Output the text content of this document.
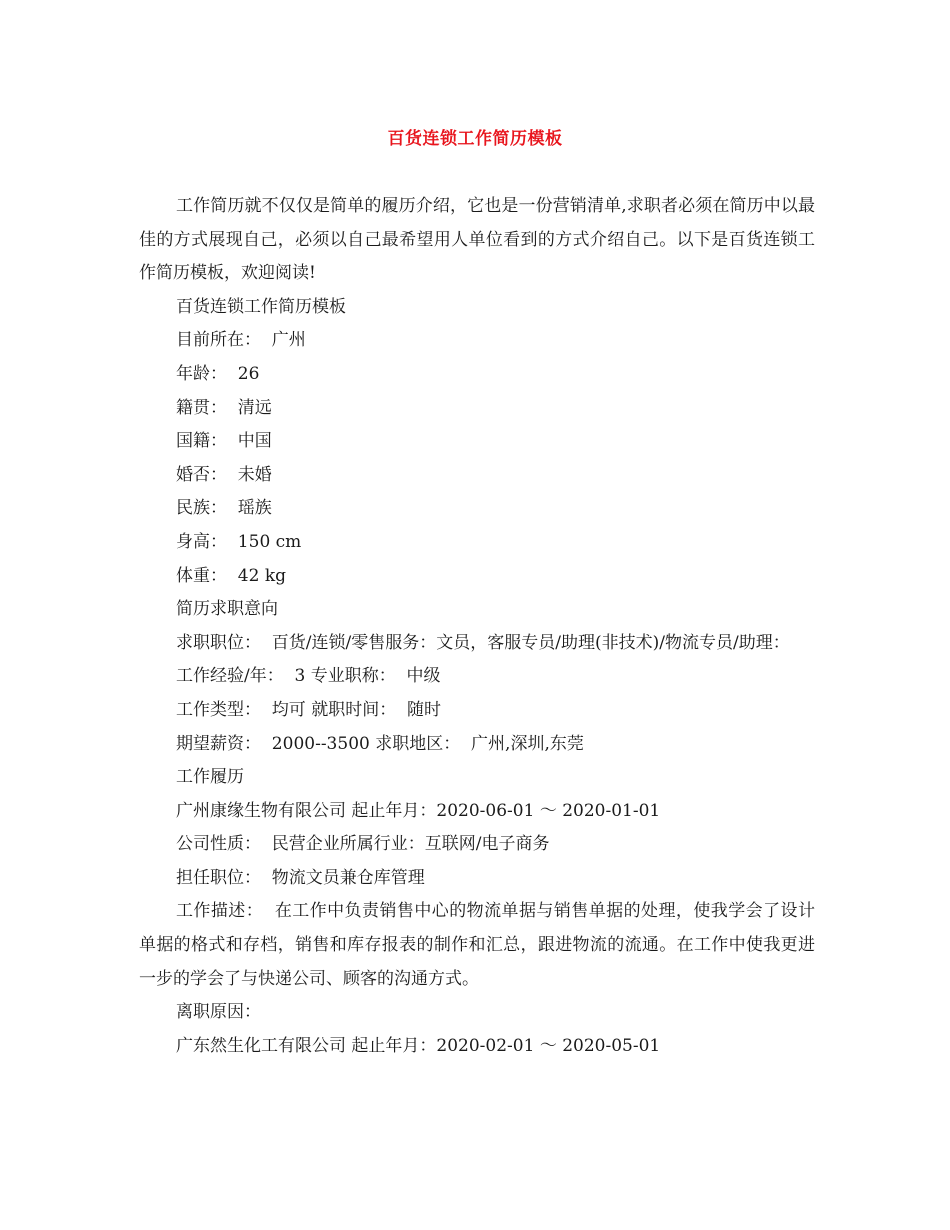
百货连锁工作简历模板

工作简历就不仅仅是简单的履历介绍，它也是一份营销清单,求职者必须在简历中以最佳的方式展现自己，必须以自己最希望用人单位看到的方式介绍自己。以下是百货连锁工作简历模板，欢迎阅读!

百货连锁工作简历模板

目前所在：  广州

年龄：  26

籍贯：  清远

国籍：  中国

婚否：  未婚

民族：  瑶族

身高：  150 cm

体重：  42 kg

简历求职意向

求职职位：  百货/连锁/零售服务：文员，客服专员/助理(非技术)/物流专员/助理：

工作经验/年：  3 专业职称：  中级

工作类型：  均可 就职时间：  随时

期望薪资：  2000--3500 求职地区：  广州,深圳,东莞

工作履历

广州康缘生物有限公司 起止年月：2020-06-01 ～ 2020-01-01

公司性质：  民营企业所属行业：互联网/电子商务

担任职位：  物流文员兼仓库管理

工作描述：  在工作中负责销售中心的物流单据与销售单据的处理，使我学会了设计单据的格式和存档，销售和库存报表的制作和汇总，跟进物流的流通。在工作中使我更进一步的学会了与快递公司、顾客的沟通方式。

离职原因：

广东然生化工有限公司 起止年月：2020-02-01 ～ 2020-05-01
